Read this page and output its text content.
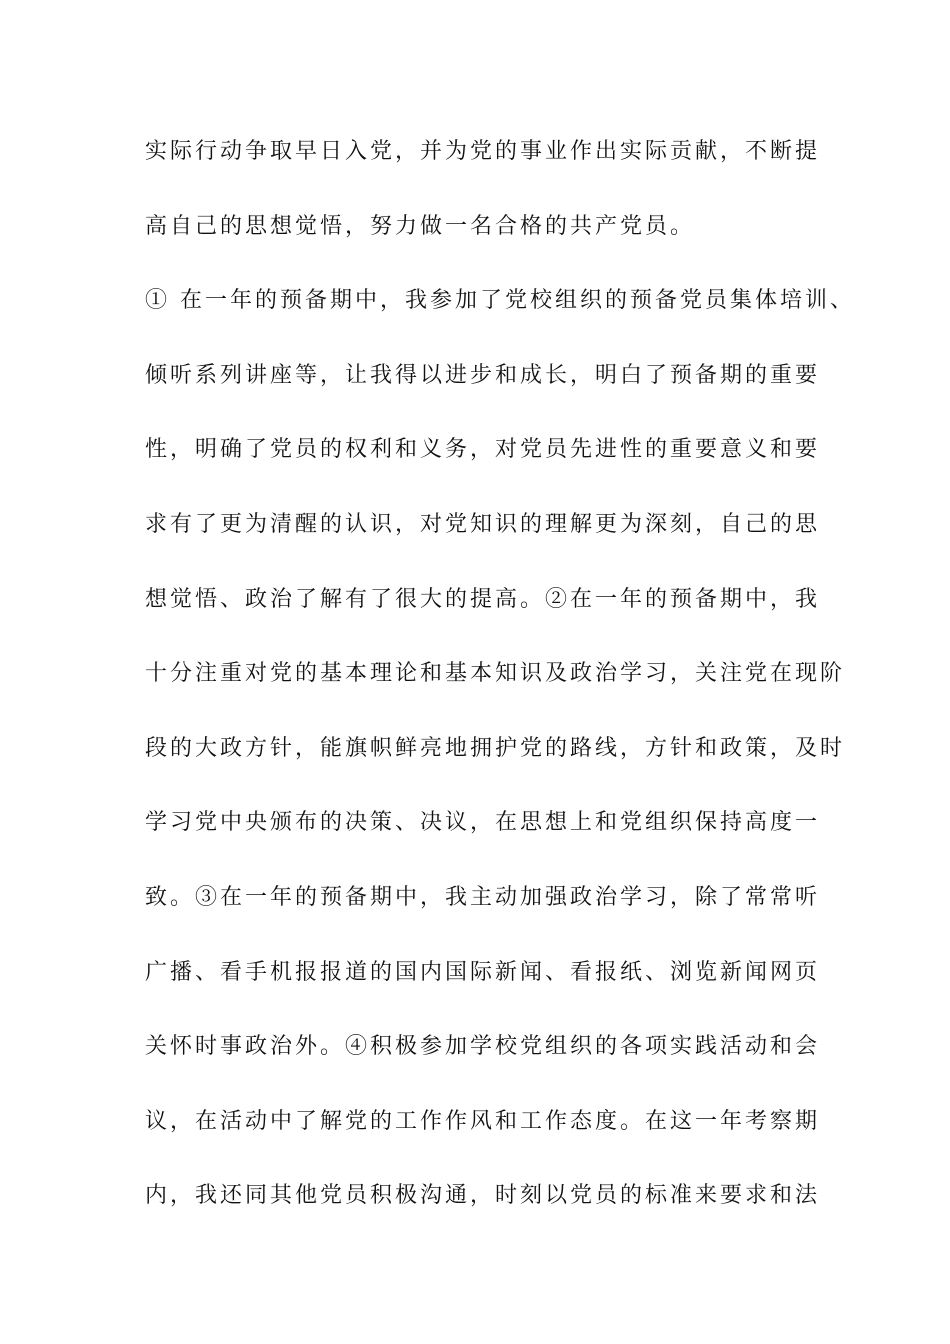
实际行动争取早日入党，并为党的事业作出实际贡献，不断提
高自己的思想觉悟，努力做一名合格的共产党员。
① 在一年的预备期中，我参加了党校组织的预备党员集体培训、
倾听系列讲座等，让我得以进步和成长，明白了预备期的重要
性，明确了党员的权利和义务，对党员先进性的重要意义和要
求有了更为清醒的认识，对党知识的理解更为深刻，自己的思
想觉悟、政治了解有了很大的提高。②在一年的预备期中，我
十分注重对党的基本理论和基本知识及政治学习，关注党在现阶
段的大政方针，能旗帜鲜亮地拥护党的路线，方针和政策，及时
学习党中央颁布的决策、决议，在思想上和党组织保持高度一
致。③在一年的预备期中，我主动加强政治学习，除了常常听
广播、看手机报报道的国内国际新闻、看报纸、浏览新闻网页
关怀时事政治外。④积极参加学校党组织的各项实践活动和会
议，在活动中了解党的工作作风和工作态度。在这一年考察期
内，我还同其他党员积极沟通，时刻以党员的标准来要求和法
